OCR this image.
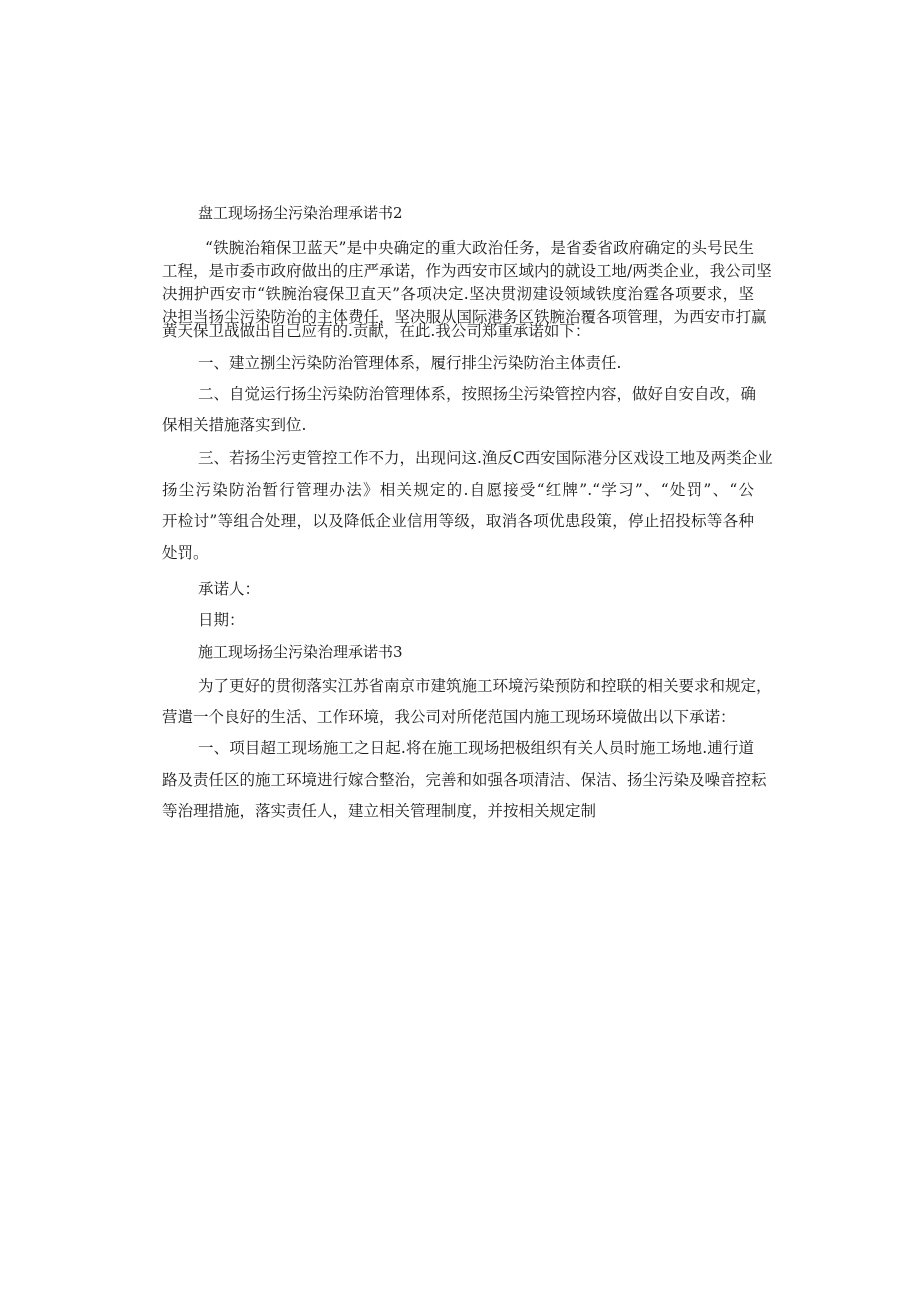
盘工现场扬尘污染治理承诺书2
“铁腕治箱保卫蓝天”是中央确定的重大政治任务，是省委省政府确定的头号民生
工程，是市委市政府做出的庄严承诺，作为西安市区域内的就设工地/两类企业，我公司坚
决拥护西安市“铁腕治寝保卫直天”各项决定.坚决贯沏建设领域铁度治霆各项要求，坚
决担当扬尘污染防治的主体费任，坚决服从国际港务区铁腕治覆各项管理，为西安市打赢
黄天保卫战做出自己应有的.贡献，在此.我公司郑重承诺如下：
一、建立捌尘污染防治管理体系，履行排尘污染防治主体责任.
二、自觉运行扬尘污染防治管理体系，按照扬尘污染管控内容，做好自安自改，确
保相关措施落实到位.
三、若扬尘污吏管控工作不力，出现问这.渔反C西安国际港分区戏设工地及两类企业
扬尘污染防治暂行管理办法》相关规定的.自愿接受“红牌”.“学习”、“处罚”、“公
开检讨”等组合处理，以及降低企业信用等级，取消各项优患段策，停止招投标等各种
处罚。
承诺人：
日期：
施工现场扬尘污染治理承诺书3
为了更好的贯彻落实江苏省南京市建筑施工环境污染预防和控联的相关要求和规定，
营遣一个良好的生活、工作环境，我公司对所佬范国内施工现场环境做出以下承诺：
一、项目超工现场施工之日起.将在施工现场把极组织有关人员时施工场地.逋行道
路及责任区的施工环境进行嫁合整治，完善和如强各项清洁、保洁、扬尘污染及噪音控耘
等治理措施，落实责任人，建立相关管理制度，并按相关规定制
